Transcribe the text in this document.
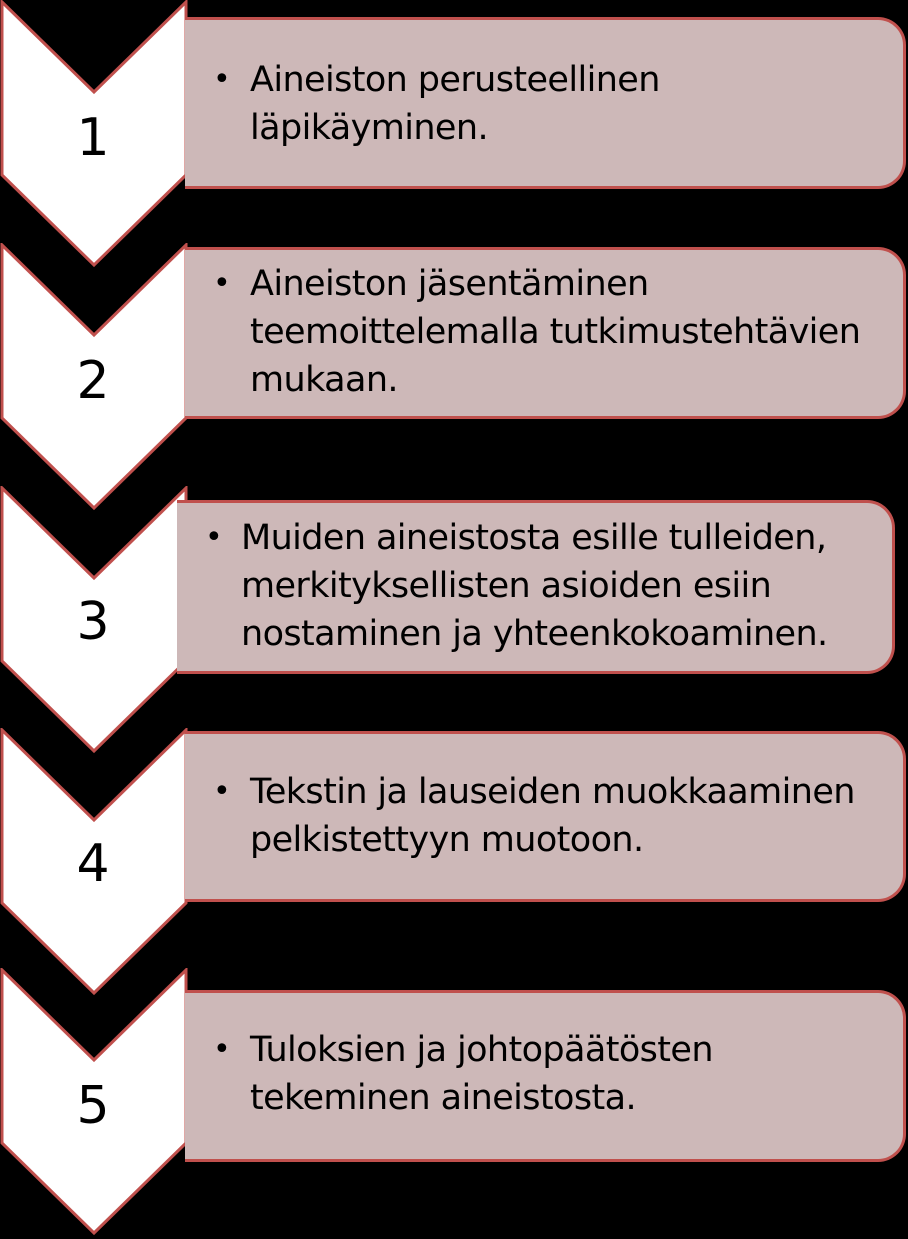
1
• Aineiston perusteellinen
läpikäyminen.
2
• Aineiston jäsentäminen
teemoittelemalla tutkimustehtävien
mukaan.
3
• Muiden aineistosta esille tulleiden,
merkityksellisten asioiden esiin
nostaminen ja yhteenkokoaminen.
4
• Tekstin ja lauseiden muokkaaminen
pelkistettyyn muotoon.
5
• Tuloksien ja johtopäätösten
tekeminen aineistosta.
